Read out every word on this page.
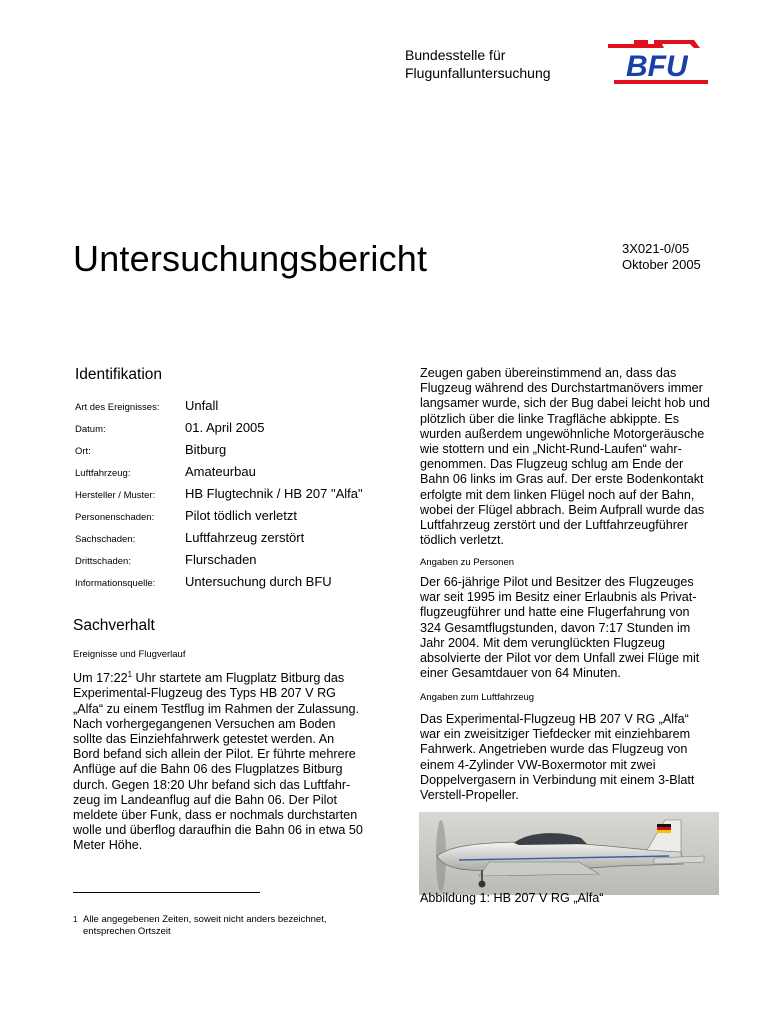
Bundesstelle für
Flugunfalluntersuchung	BFU
Untersuchungsbericht	3X021-0/05
Oktober 2005
Identifikation
Art des Ereignisses: Unfall
Datum:	01. April 2005
Ort:	Bitburg
Luftfahrzeug:	Amateurbau
Hersteller / Muster: HB Flugtechnik / HB 207 "Alfa"
Personenschaden: Pilot tödlich verletzt
Sachschaden:	Luftfahrzeug zerstört
Drittschaden:	Flurschaden
Informationsquelle: Untersuchung durch BFU
Sachverhalt
Ereignisse und Flugverlauf
Um $17:22^1$ Uhr startete am Flugplatz Bitburg das
Experimental-Flugzeug des Typs HB 207 V RG
„Alfa“ zu einem Testflug im Rahmen der Zulassung.
Nach vorhergegangenen Versuchen am Boden
sollte das Einziehfahrwerk getestet werden. An
Bord befand sich allein der Pilot. Er führte mehrere
Anflüge auf die Bahn 06 des Flugplatzes Bitburg
durch. Gegen 18:20 Uhr befand sich das Luftfahr-
zeug im Landeanflug auf die Bahn 06. Der Pilot
meldete über Funk, dass er nochmals durchstarten
wolle und überflog daraufhin die Bahn 06 in etwa 50
Meter Höhe.
Zeugen gaben übereinstimmend an, dass das
Flugzeug während des Durchstartmanövers immer
langsamer wurde, sich der Bug dabei leicht hob und
plötzlich über die linke Tragfläche abkippte. Es
wurden außerdem ungewöhnliche Motorgeräusche
wie stottern und ein „Nicht-Rund-Laufen“ wahr-
genommen. Das Flugzeug schlug am Ende der
Bahn 06 links im Gras auf. Der erste Bodenkontakt
erfolgte mit dem linken Flügel noch auf der Bahn,
wobei der Flügel abbrach. Beim Aufprall wurde das
Luftfahrzeug zerstört und der Luftfahrzeugführer
tödlich verletzt.
Angaben zu Personen
Der 66-jährige Pilot und Besitzer des Flugzeuges
war seit 1995 im Besitz einer Erlaubnis als Privat-
flugzeugführer und hatte eine Flugerfahrung von
324 Gesamtflugstunden, davon 7:17 Stunden im
Jahr 2004. Mit dem verunglückten Flugzeug
absolvierte der Pilot vor dem Unfall zwei Flüge mit
einer Gesamtdauer von 64 Minuten.
Angaben zum Luftfahrzeug
Das Experimental-Flugzeug HB 207 V RG „Alfa“
war ein zweisitziger Tiefdecker mit einziehbarem
Fahrwerk. Angetrieben wurde das Flugzeug von
einem 4-Zylinder VW-Boxermotor mit zwei
Doppelvergasern in Verbindung mit einem 3-Blatt
Verstell-Propeller.
Abbildung 1: HB 207 V RG „Alfa“
$^1$ Alle angegebenen Zeiten, soweit nicht anders bezeichnet,
entsprechen Ortszeit
